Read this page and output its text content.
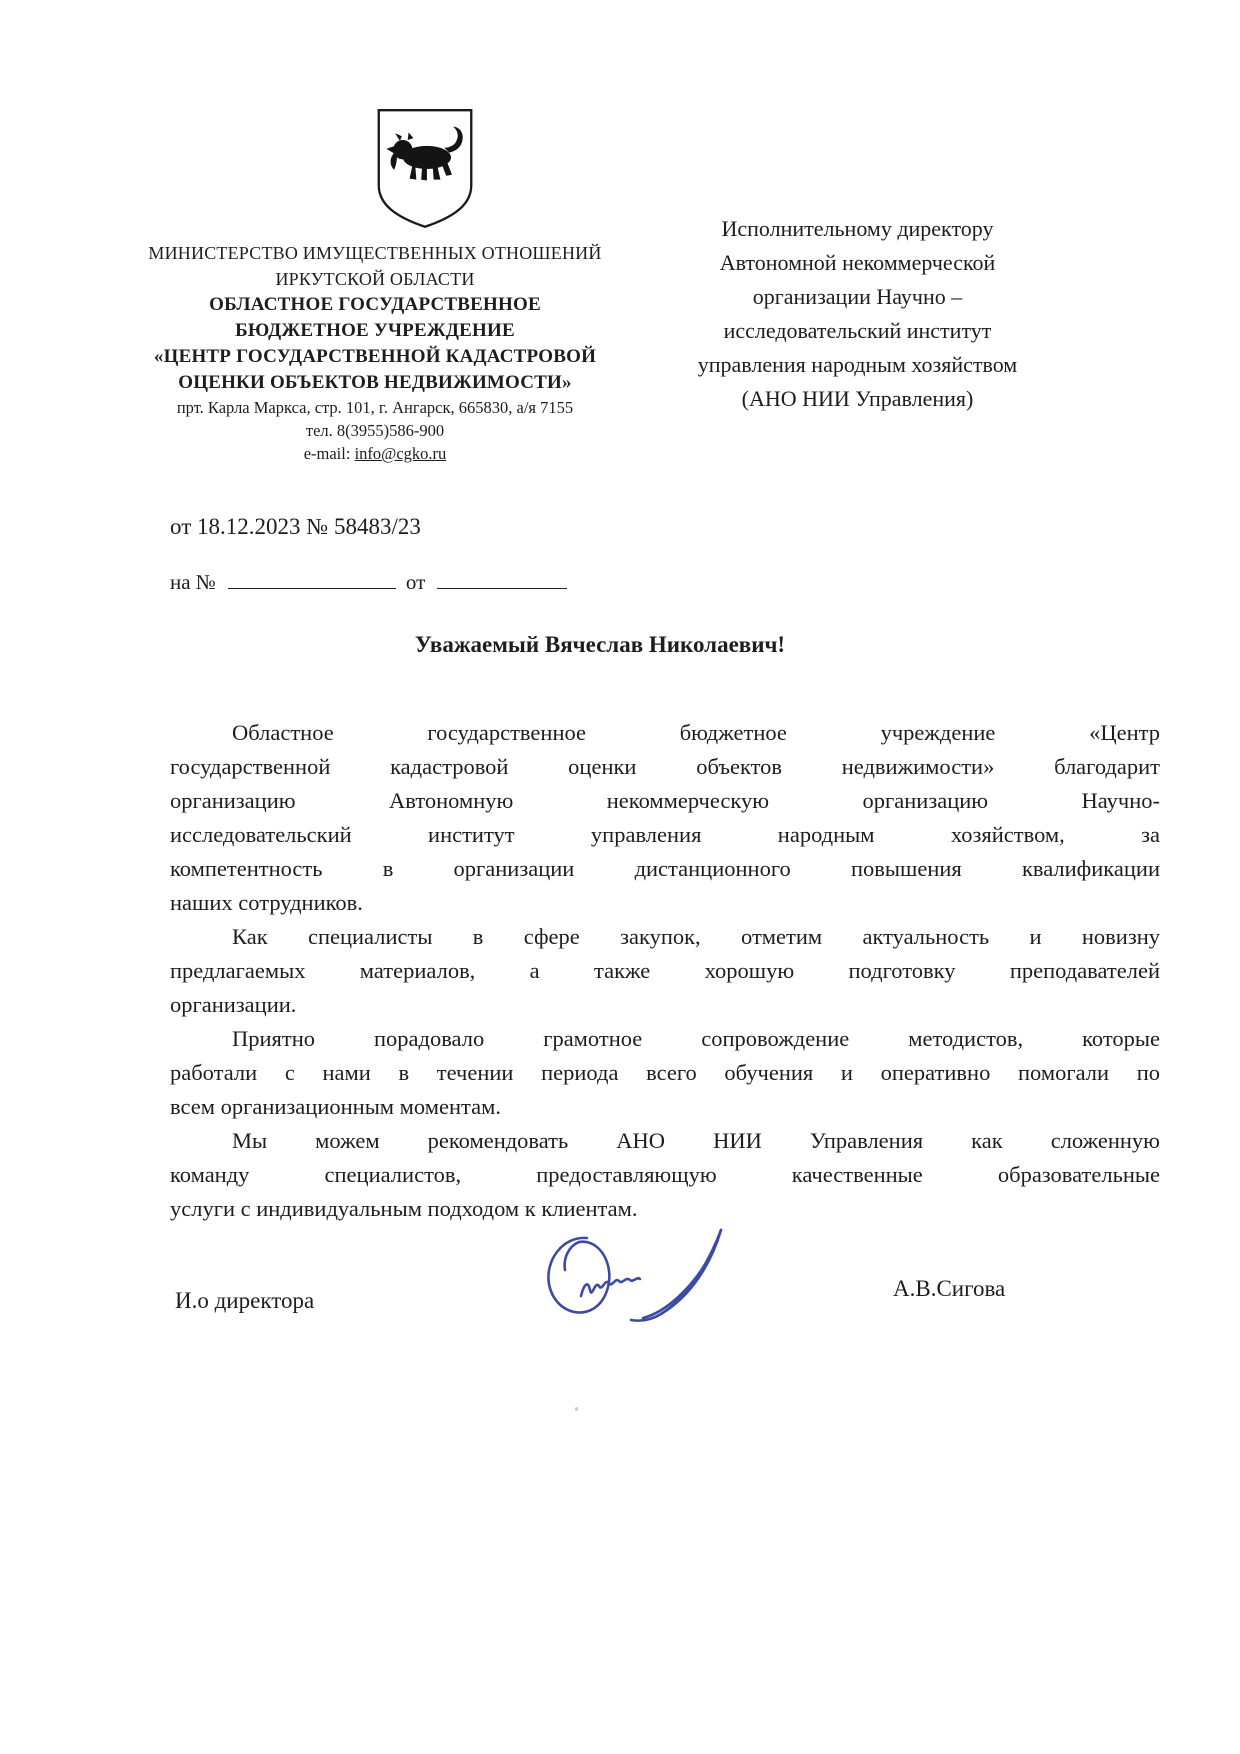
МИНИСТЕРСТВО ИМУЩЕСТВЕННЫХ ОТНОШЕНИЙ
ИРКУТСКОЙ ОБЛАСТИ
ОБЛАСТНОЕ ГОСУДАРСТВЕННОЕ
БЮДЖЕТНОЕ УЧРЕЖДЕНИЕ
«ЦЕНТР ГОСУДАРСТВЕННОЙ КАДАСТРОВОЙ
ОЦЕНКИ ОБЪЕКТОВ НЕДВИЖИМОСТИ»
прт. Карла Маркса, стр. 101, г. Ангарск, 665830, а/я 7155
тел. 8(3955)586-900
e-mail: info@cgko.ru
Исполнительному директору
Автономной некоммерческой
организации Научно –
исследовательский институт
управления народным хозяйством
(АНО НИИ Управления)
от 18.12.2023 № 58483/23
на №	от
Уважаемый Вячеслав Николаевич!
Областное государственное бюджетное учреждение «Центр
государственной кадастровой оценки объектов недвижимости» благодарит
организацию Автономную некоммерческую организацию Научно-
исследовательский институт управления народным хозяйством, за
компетентность в организации дистанционного повышения квалификации
наших сотрудников.
Как специалисты в сфере закупок, отметим актуальность и новизну
предлагаемых материалов, а также хорошую подготовку преподавателей
организации.
Приятно порадовало грамотное сопровождение методистов, которые
работали с нами в течении периода всего обучения и оперативно помогали по
всем организационным моментам.
Мы можем рекомендовать АНО НИИ Управления как сложенную
команду специалистов, предоставляющую качественные образовательные
услуги с индивидуальным подходом к клиентам.
И.о директора	А.В.Сигова
